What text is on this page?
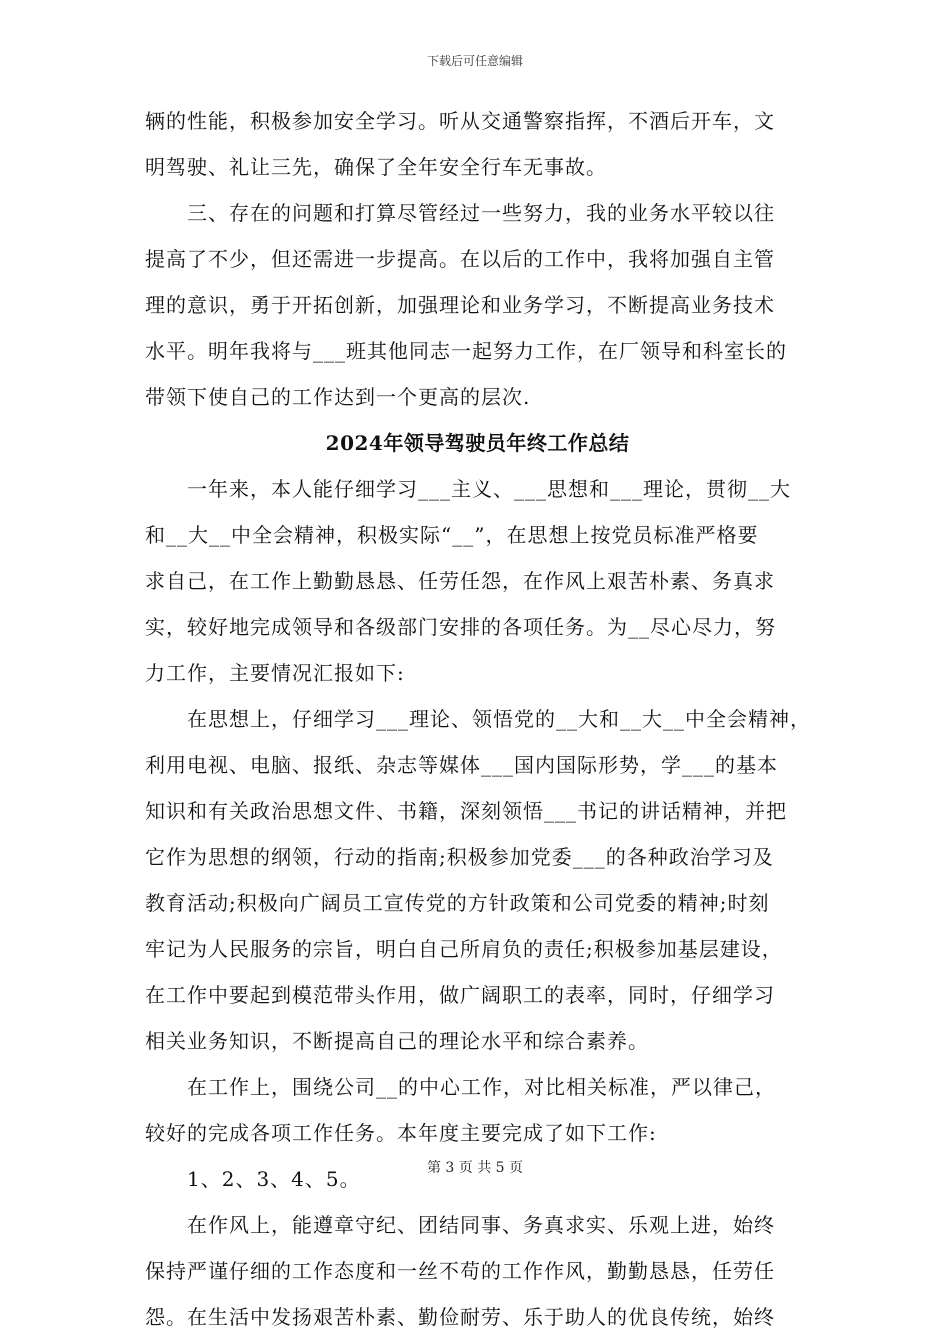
下载后可任意编辑
辆的性能，积极参加安全学习。听从交通警察指挥，不酒后开车，文
明驾驶、礼让三先，确保了全年安全行车无事故。
三、存在的问题和打算尽管经过一些努力，我的业务水平较以往
提高了不少，但还需进一步提高。在以后的工作中，我将加强自主管
理的意识，勇于开拓创新，加强理论和业务学习，不断提高业务技术
水平。明年我将与___班其他同志一起努力工作，在厂领导和科室长的
带领下使自己的工作达到一个更高的层次.
2024年领导驾驶员年终工作总结
一年来，本人能仔细学习___主义、___思想和___理论，贯彻__大
和__大__中全会精神，积极实际“__”，在思想上按党员标准严格要
求自己，在工作上勤勤恳恳、任劳任怨，在作风上艰苦朴素、务真求
实，较好地完成领导和各级部门安排的各项任务。为__尽心尽力，努
力工作，主要情况汇报如下:
在思想上，仔细学习___理论、领悟党的__大和__大__中全会精神，
利用电视、电脑、报纸、杂志等媒体___国内国际形势，学___的基本
知识和有关政治思想文件、书籍，深刻领悟___书记的讲话精神，并把
它作为思想的纲领，行动的指南;积极参加党委___的各种政治学习及
教育活动;积极向广阔员工宣传党的方针政策和公司党委的精神;时刻
牢记为人民服务的宗旨，明白自己所肩负的责任;积极参加基层建设，
在工作中要起到模范带头作用，做广阔职工的表率，同时，仔细学习
相关业务知识，不断提高自己的理论水平和综合素养。
在工作上，围绕公司__的中心工作，对比相关标准，严以律己，
较好的完成各项工作任务。本年度主要完成了如下工作:
1、2、3、4、5。
在作风上，能遵章守纪、团结同事、务真求实、乐观上进，始终
保持严谨仔细的工作态度和一丝不苟的工作作风，勤勤恳恳，任劳任
怨。在生活中发扬艰苦朴素、勤俭耐劳、乐于助人的优良传统，始终
第 3 页 共 5 页
